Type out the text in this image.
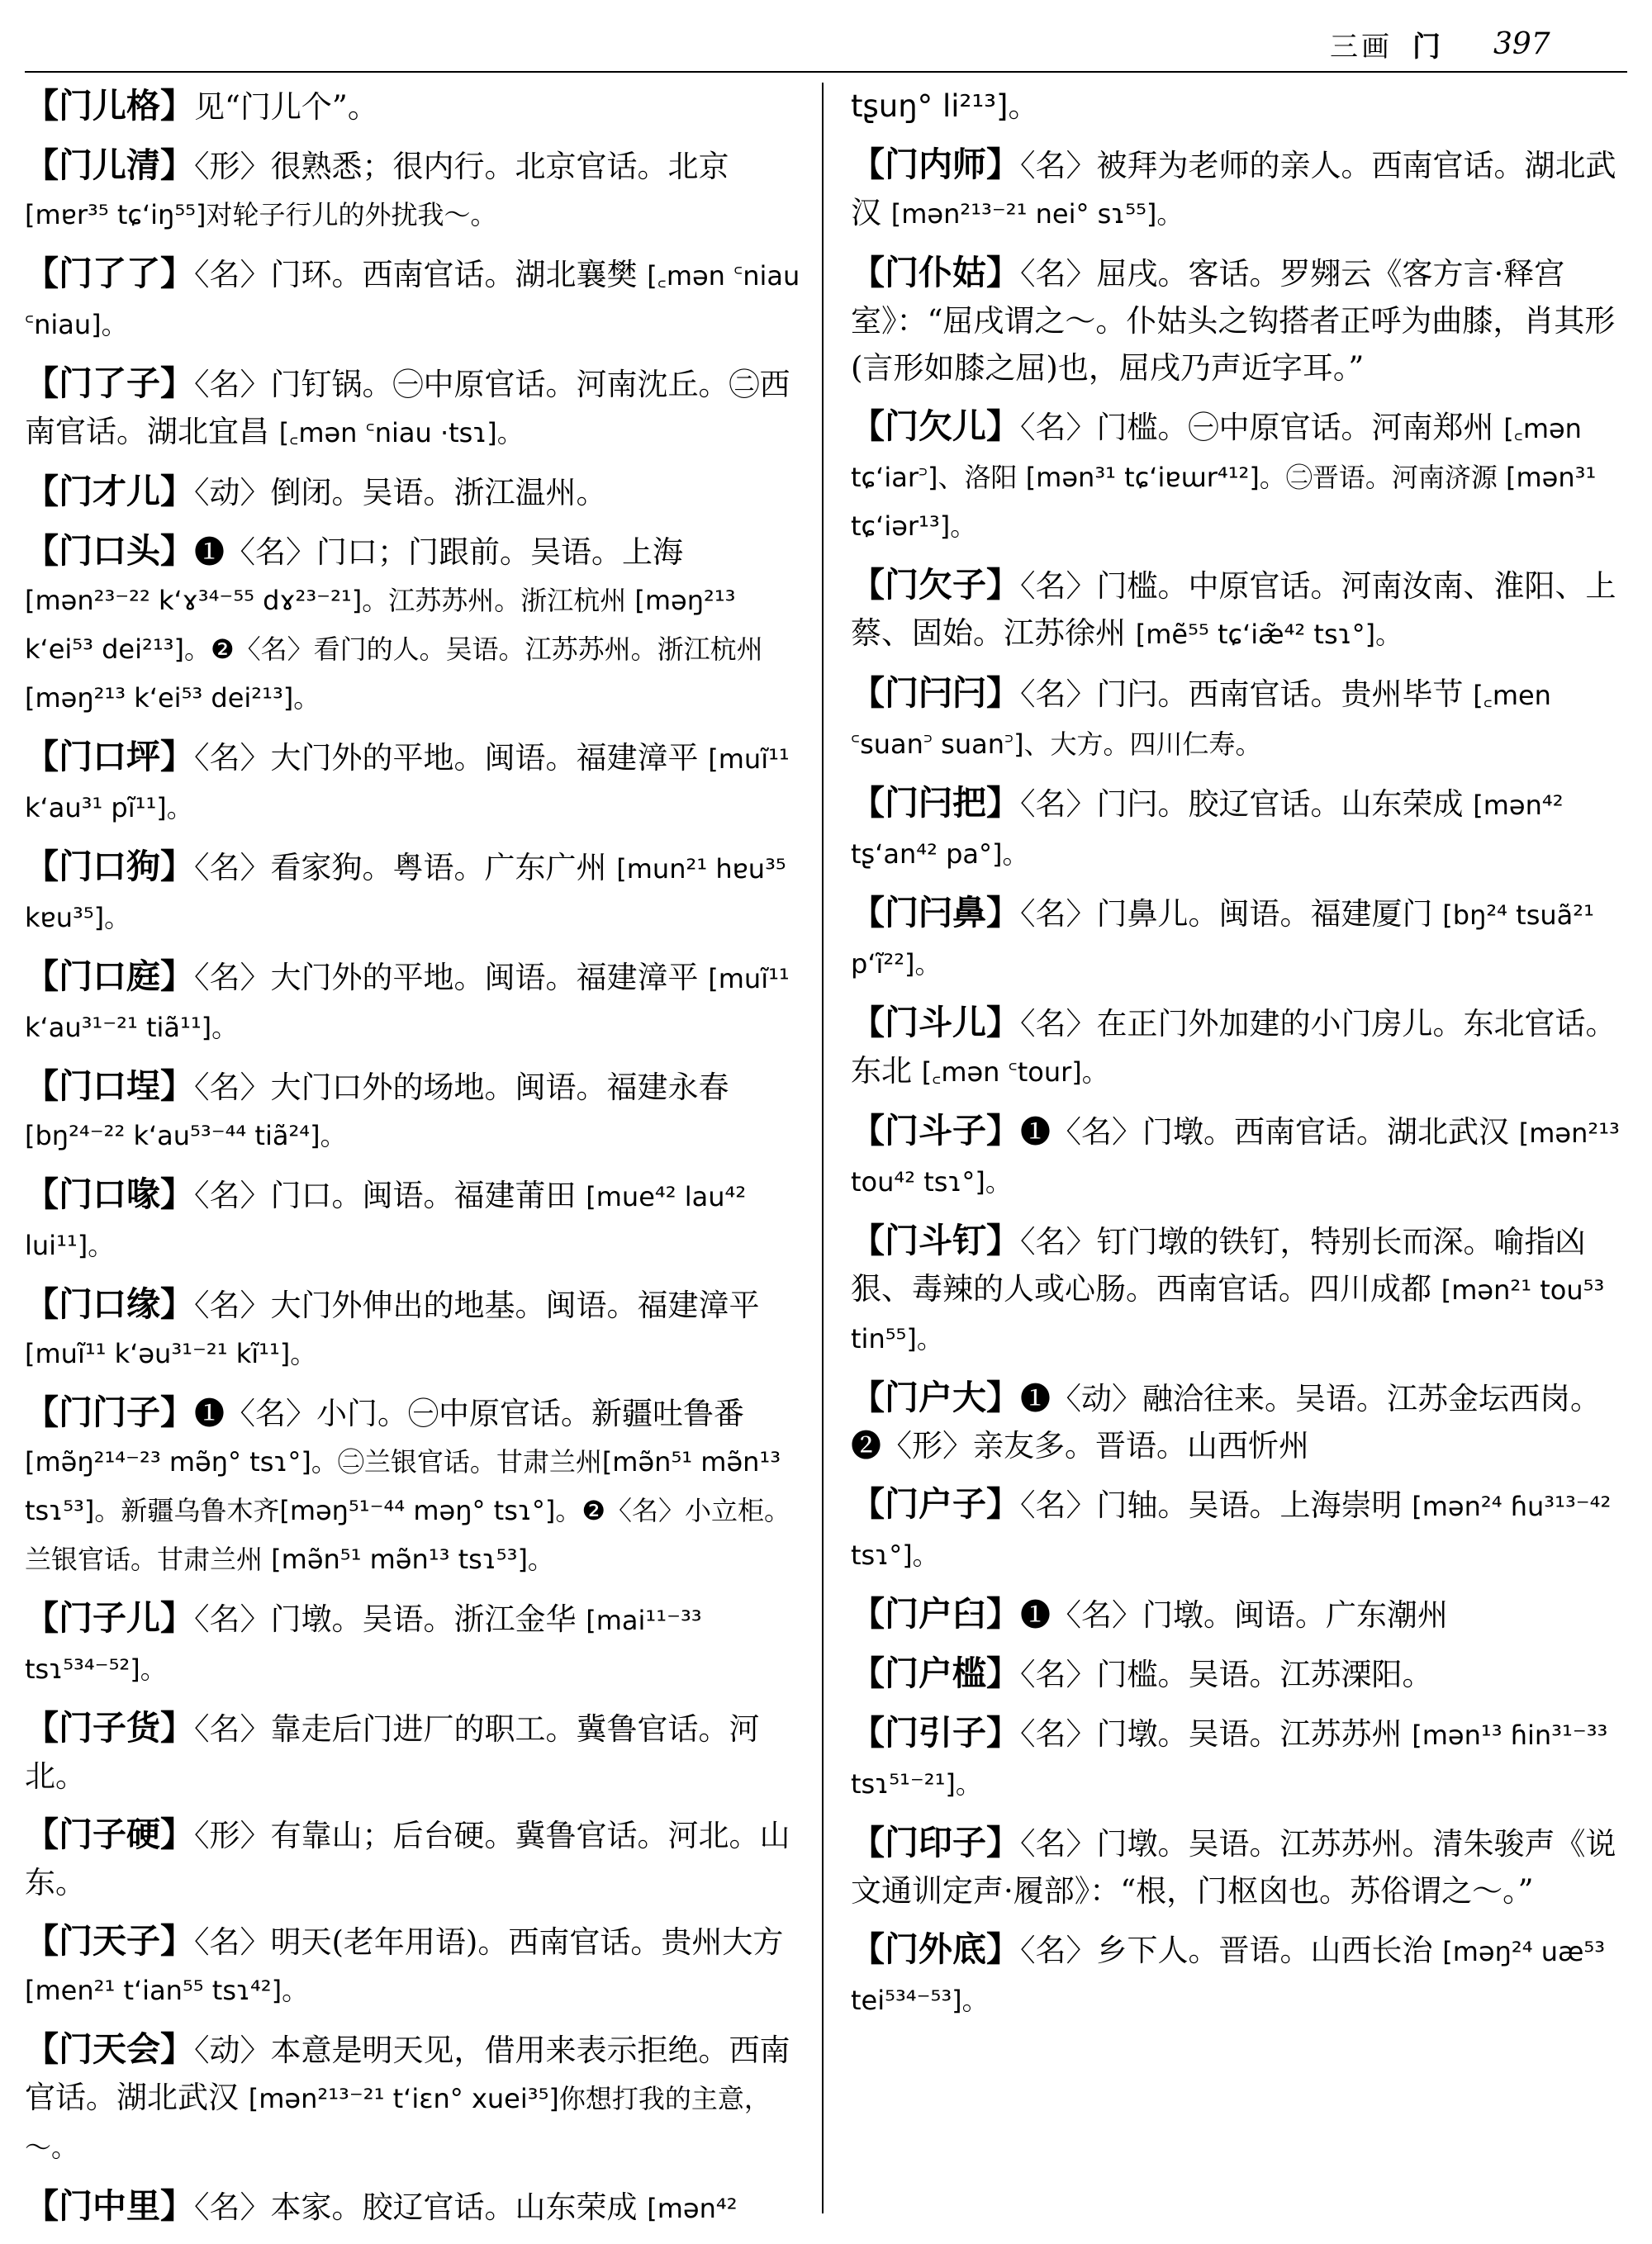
三画 门 397
【门儿格】见“门儿个”。
【门儿清】〈形〉很熟悉；很内行。北京官话。北京 [mɐr³⁵ tɕʻiŋ⁵⁵]对轮子行儿的外扰我～。
【门了了】〈名〉门环。西南官话。湖北襄樊 [꜀mən ꜂niau ꜂niau]。
【门了子】〈名〉门钉锅。㊀中原官话。河南沈丘。㊁西南官话。湖北宜昌 [꜀mən ꜂niau ·tsɿ]。
【门才儿】〈动〉倒闭。吴语。浙江温州。
【门口头】❶〈名〉门口；门跟前。吴语。上海 [mən²³⁻²² kʻɤ³⁴⁻⁵⁵ dɤ²³⁻²¹]。江苏苏州。浙江杭州 [məŋ²¹³ kʻei⁵³ dei²¹³]。❷〈名〉看门的人。吴语。江苏苏州。浙江杭州[məŋ²¹³ kʻei⁵³ dei²¹³]。
【门口坪】〈名〉大门外的平地。闽语。福建漳平 [muĩ¹¹ kʻau³¹ pĩ¹¹]。
【门口狗】〈名〉看家狗。粤语。广东广州 [mun²¹ hɐu³⁵ kɐu³⁵]。
【门口庭】〈名〉大门外的平地。闽语。福建漳平 [muĩ¹¹ kʻau³¹⁻²¹ tiã¹¹]。
【门口埕】〈名〉大门口外的场地。闽语。福建永春 [bŋ²⁴⁻²² kʻau⁵³⁻⁴⁴ tiã²⁴]。
【门口喙】〈名〉门口。闽语。福建莆田 [mue⁴² lau⁴² lui¹¹]。
【门口缘】〈名〉大门外伸出的地基。闽语。福建漳平 [muĩ¹¹ kʻəu³¹⁻²¹ kĩ¹¹]。
【门门子】❶〈名〉小门。㊀中原官话。新疆吐鲁番 [mə̃ŋ²¹⁴⁻²³ mə̃ŋ° tsɿ°]。㊁兰银官话。甘肃兰州[mə̃n⁵¹ mə̃n¹³ tsɿ⁵³]。新疆乌鲁木齐[məŋ⁵¹⁻⁴⁴ məŋ° tsɿ°]。❷〈名〉小立柜。兰银官话。甘肃兰州 [mə̃n⁵¹ mə̃n¹³ tsɿ⁵³]。
【门子儿】〈名〉门墩。吴语。浙江金华 [mai¹¹⁻³³ tsɿ⁵³⁴⁻⁵²]。
【门子货】〈名〉靠走后门进厂的职工。冀鲁官话。河北。
【门子硬】〈形〉有靠山；后台硬。冀鲁官话。河北。山东。
【门天子】〈名〉明天(老年用语)。西南官话。贵州大方 [men²¹ tʻian⁵⁵ tsɿ⁴²]。
【门天会】〈动〉本意是明天见，借用来表示拒绝。西南官话。湖北武汉 [mən²¹³⁻²¹ tʻiɛn° xuei³⁵]你想打我的主意，～。
【门中里】〈名〉本家。胶辽官话。山东荣成 [mən⁴²
tʂuŋ° li²¹³]。
【门内师】〈名〉被拜为老师的亲人。西南官话。湖北武汉 [mən²¹³⁻²¹ nei° sɿ⁵⁵]。
【门仆姑】〈名〉屈戌。客话。罗翙云《客方言·释宫室》：“屈戌谓之～。仆姑头之钩搭者正呼为曲膝，肖其形(言形如膝之屈)也，屈戌乃声近字耳。”
【门欠儿】〈名〉门槛。㊀中原官话。河南郑州 [꜀mən tɕʻiar꜄]、洛阳 [mən³¹ tɕʻiɐɯr⁴¹²]。㊁晋语。河南济源 [mən³¹ tɕʻiər¹³]。
【门欠子】〈名〉门槛。中原官话。河南汝南、淮阳、上蔡、固始。江苏徐州 [mẽ⁵⁵ tɕʻiæ̃⁴² tsɿ°]。
【门闩闩】〈名〉门闩。西南官话。贵州毕节 [꜀men ꜂suan꜄ suan꜄]、大方。四川仁寿。
【门闩把】〈名〉门闩。胶辽官话。山东荣成 [mən⁴² tʂʻan⁴² pa°]。
【门闩鼻】〈名〉门鼻儿。闽语。福建厦门 [bŋ²⁴ tsuã²¹ pʻĩ²²]。
【门斗儿】〈名〉在正门外加建的小门房儿。东北官话。东北 [꜀mən ꜂tour]。
【门斗子】❶〈名〉门墩。西南官话。湖北武汉 [mən²¹³ tou⁴² tsɿ°]。
【门斗钉】〈名〉钉门墩的铁钉，特别长而深。喻指凶狠、毒辣的人或心肠。西南官话。四川成都 [mən²¹ tou⁵³ tin⁵⁵]。
【门户大】❶〈动〉融洽往来。吴语。江苏金坛西岗。❷〈形〉亲友多。晋语。山西忻州
【门户子】〈名〉门轴。吴语。上海崇明 [mən²⁴ ɦu³¹³⁻⁴² tsɿ°]。
【门户臼】❶〈名〉门墩。闽语。广东潮州
【门户槛】〈名〉门槛。吴语。江苏溧阳。
【门引子】〈名〉门墩。吴语。江苏苏州 [mən¹³ ɦin³¹⁻³³ tsɿ⁵¹⁻²¹]。
【门印子】〈名〉门墩。吴语。江苏苏州。清朱骏声《说文通训定声·履部》：“根，门枢囟也。苏俗谓之～。”
【门外底】〈名〉乡下人。晋语。山西长治 [məŋ²⁴ uæ⁵³ tei⁵³⁴⁻⁵³]。
